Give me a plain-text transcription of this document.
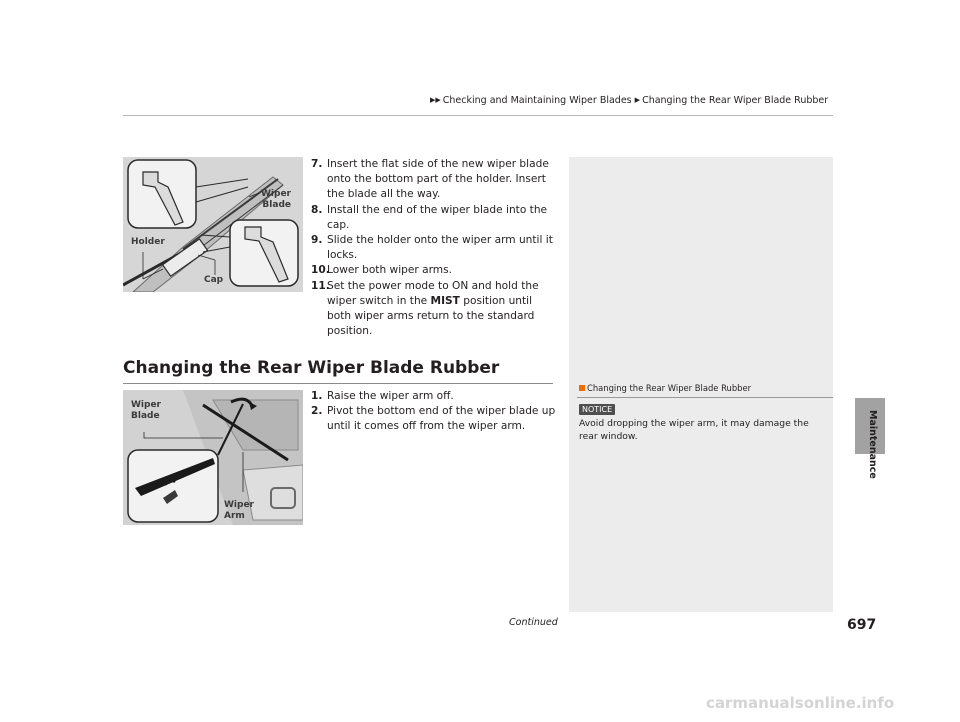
▶▶ Checking and Maintaining Wiper Blades ▶ Changing the Rear Wiper Blade Rubber
Maintenance
Wiper
Blade
Holder
Cap
7. Insert the flat side of the new wiper blade onto the bottom part of the holder. Insert the blade all the way.
8. Install the end of the wiper blade into the cap.
9. Slide the holder onto the wiper arm until it locks.
10.
Lower both wiper arms.
11.
Set the power mode to ON and hold the wiper switch in the MIST position until both wiper arms return to the standard position.
Changing the Rear Wiper Blade Rubber
Wiper
Blade
Wiper
Arm
1. Raise the wiper arm off.
2. Pivot the bottom end of the wiper blade up until it comes off from the wiper arm.
Changing the Rear Wiper Blade Rubber
NOTICE
Avoid dropping the wiper arm, it may damage the rear window.
Continued	697
carmanualsonline.info
